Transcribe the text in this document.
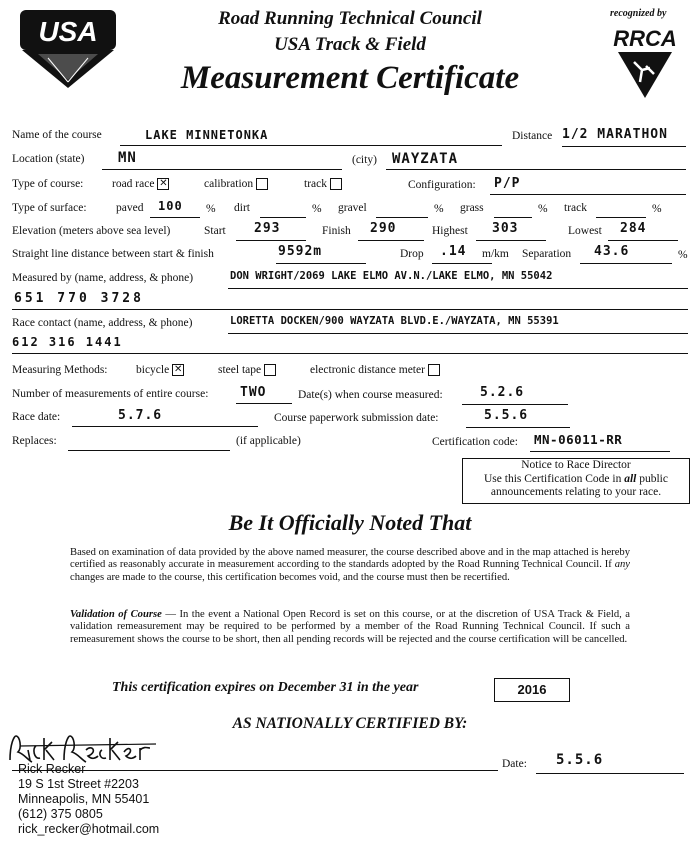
USA	Road Running Technical Council
USA Track & Field
Measurement Certificate
recognized by
RRCA
Name of the course	LAKE MINNETONKA	Distance 1/2 MARATHON
Location (state) MN	(city) WAYZATA
Type of course: road race ✕	calibration	track	Configuration: P/P
Type of surface:	paved 100 % dirt	% gravel	% grass	% track	%
Elevation (meters above sea level)	Start 293	Finish 290	Highest 303	Lowest 284
Straight line distance between start & finish	9592m	Drop .14 m/km Separation 43.6	%
Measured by (name, address, & phone)	DON WRIGHT/2069 LAKE ELMO AV.N./LAKE ELMO, MN 55042
651 770 3728
Race contact (name, address, & phone)	LORETTA DOCKEN/900 WAYZATA BLVD.E./WAYZATA, MN 55391
612 316 1441
Measuring Methods: bicycle ✕	steel tape	electronic distance meter
Number of measurements of entire course: TWO	Date(s) when course measured:	5.2.6
Race date:	5.7.6	Course paperwork submission date:	5.5.6
Replaces:	(if applicable)	Certification code: MN-06011-RR
Notice to Race Director
Use this Certification Code in all public
announcements relating to your race.
Be It Officially Noted That
Based on examination of data provided by the above named measurer, the course described above and in the map attached is hereby certified as reasonably accurate in measurement according to the standards adopted by the Road Running Technical Council. If any changes are made to the course, this certification becomes void, and the course must then be recertified.
Validation of Course — In the event a National Open Record is set on this course, or at the discretion of USA Track & Field, a validation remeasurement may be required to be performed by a member of the Road Running Technical Council. If such a remeasurement shows the course to be short, then all pending records will be rejected and the course certification will be cancelled.
This certification expires on December 31 in the year	2016
AS NATIONALLY CERTIFIED BY:
Rick Recker
19 S 1st Street #2203
Minneapolis, MN 55401
(612) 375 0805
rick_recker@hotmail.com
Date: 5.5.6
